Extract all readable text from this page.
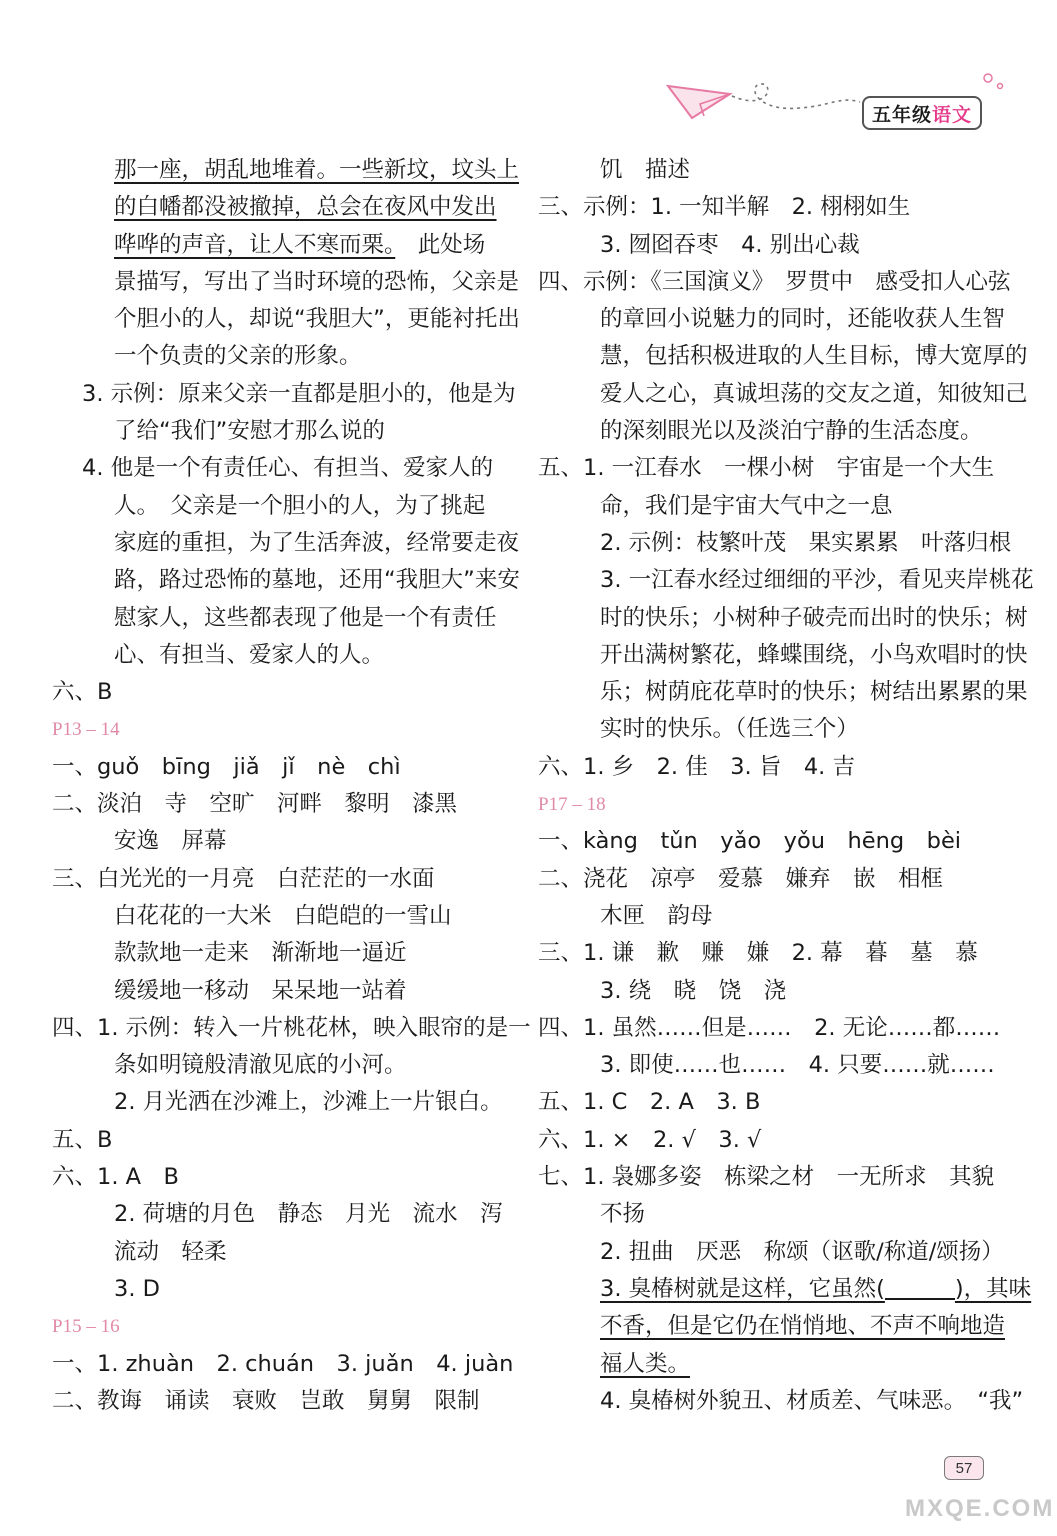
五年级 语文
那一座，胡乱地堆着。一些新坟，坟头上
的白幡都没被撤掉，总会在夜风中发出
哗哗的声音，让人不寒而栗。　此处场
景描写，写出了当时环境的恐怖，父亲是
个胆小的人，却说“我胆大”，更能衬托出
一个负责的父亲的形象。
3. 示例：原来父亲一直都是胆小的，他是为
了给“我们”安慰才那么说的
4. 他是一个有责任心、有担当、爱家人的
人。　父亲是一个胆小的人，为了挑起
家庭的重担，为了生活奔波，经常要走夜
路，路过恐怖的墓地，还用“我胆大”来安
慰家人，这些都表现了他是一个有责任
心、有担当、爱家人的人。
六、B
P13 – 14
一、guǒ　bīng　jiǎ　jǐ　nè　chì
二、淡泊　寺　空旷　河畔　黎明　漆黑
安逸　屏幕
三、白光光的一月亮　白茫茫的一水面
白花花的一大米　白皑皑的一雪山
款款地一走来　渐渐地一逼近
缓缓地一移动　呆呆地一站着
四、1. 示例：转入一片桃花林，映入眼帘的是一
条如明镜般清澈见底的小河。
2. 月光洒在沙滩上，沙滩上一片银白。
五、B
六、1. A　B
2. 荷塘的月色　静态　月光　流水　泻
流动　轻柔
3. D
P15 – 16
一、1. zhuàn　2. chuán　3. juǎn　4. juàn
二、教诲　诵读　衰败　岂敢　舅舅　限制
饥　描述
三、示例：1. 一知半解　2. 栩栩如生
3. 囫囵吞枣　4. 别出心裁
四、示例：《三国演义》　罗贯中　感受扣人心弦
的章回小说魅力的同时，还能收获人生智
慧，包括积极进取的人生目标，博大宽厚的
爱人之心，真诚坦荡的交友之道，知彼知己
的深刻眼光以及淡泊宁静的生活态度。
五、1. 一江春水　一棵小树　宇宙是一个大生
命，我们是宇宙大气中之一息
2. 示例：枝繁叶茂　果实累累　叶落归根
3. 一江春水经过细细的平沙，看见夹岸桃花
时的快乐；小树种子破壳而出时的快乐；树
开出满树繁花，蜂蝶围绕，小鸟欢唱时的快
乐；树荫庇花草时的快乐；树结出累累的果
实时的快乐。（任选三个）
六、1. 乡　2. 佳　3. 旨　4. 吉
P17 – 18
一、kàng　tǔn　yǎo　yǒu　hēng　bèi
二、浇花　凉亭　爱慕　嫌弃　嵌　相框
木匣　韵母
三、1. 谦　歉　赚　嫌　2. 幕　暮　墓　慕
3. 绕　晓　饶　浇
四、1. 虽然……但是……　2. 无论……都……
3. 即使……也……　4. 只要……就……
五、1. C　2. A　3. B
六、1. ×　2. √　3. √
七、1. 袅娜多姿　栋梁之材　一无所求　其貌
不扬
2. 扭曲　厌恶　称颂（讴歌/称道/颂扬）
3. 臭椿树就是这样，它虽然(	)，其味
不香，但是它仍在悄悄地、不声不响地造
福人类。
4. 臭椿树外貌丑、材质差、气味恶。　“我”
57
MXQE.COM
